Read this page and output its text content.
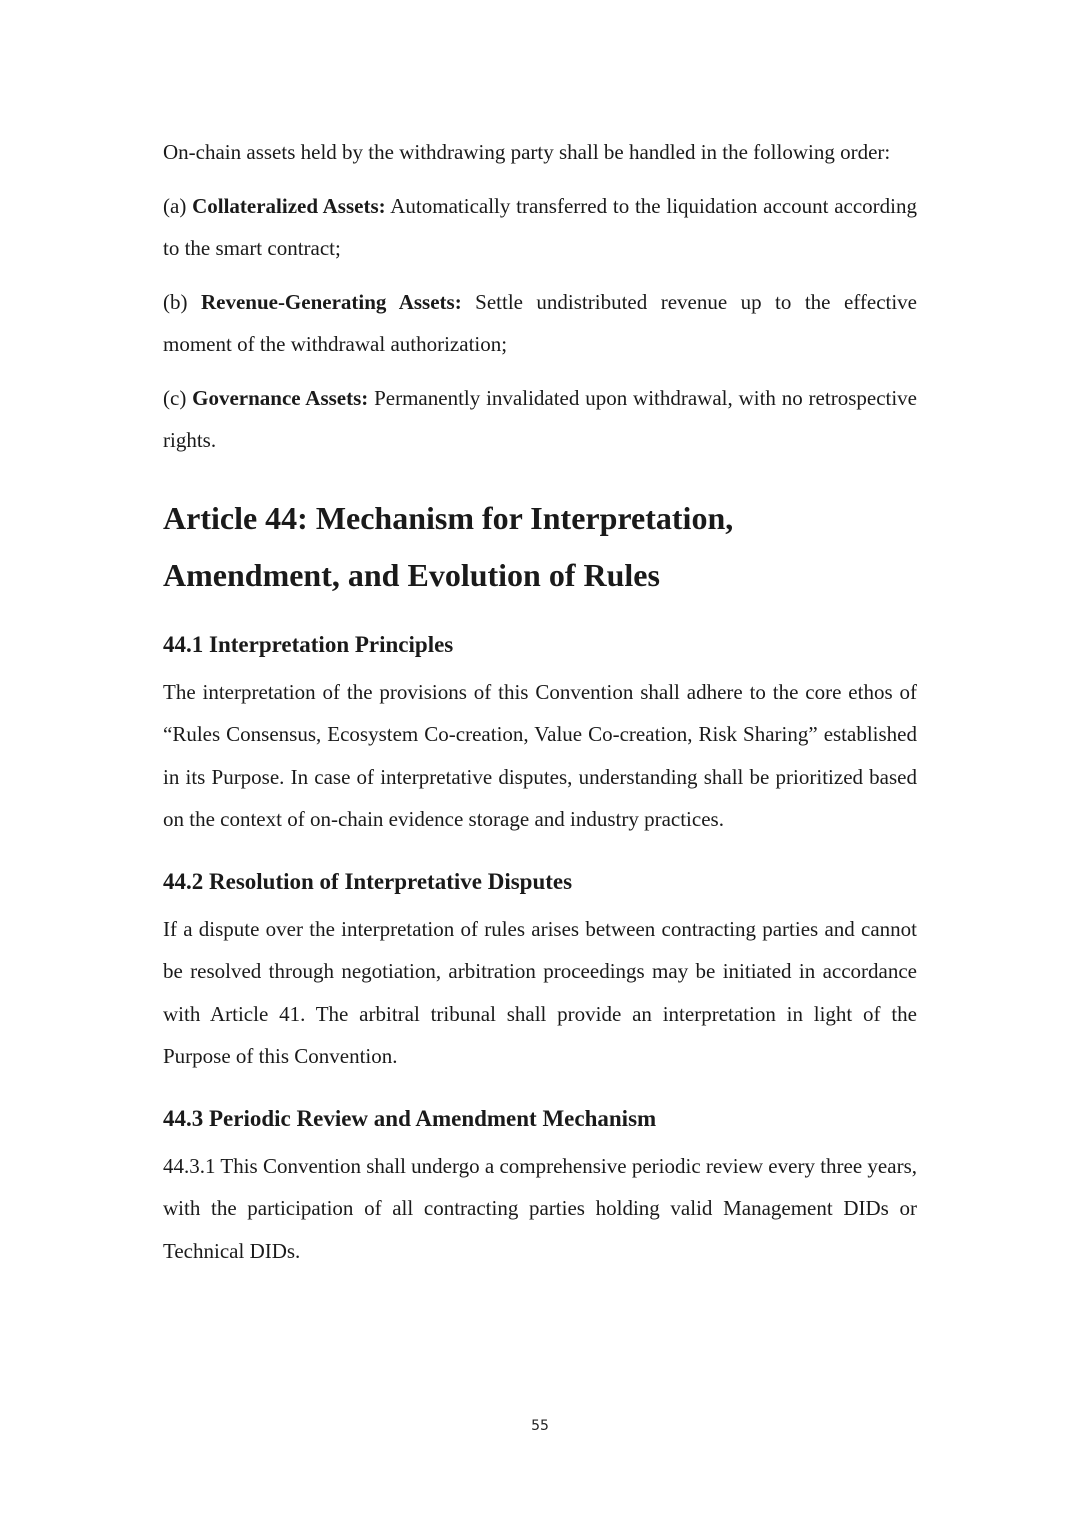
On-chain assets held by the withdrawing party shall be handled in the following order:

(a) Collateralized Assets: Automatically transferred to the liquidation account according to the smart contract;

(b) Revenue-Generating Assets: Settle undistributed revenue up to the effective moment of the withdrawal authorization;

(c) Governance Assets: Permanently invalidated upon withdrawal, with no retrospective rights.

Article 44: Mechanism for Interpretation,
Amendment, and Evolution of Rules
44.1 Interpretation Principles

The interpretation of the provisions of this Convention shall adhere to the core ethos of “Rules Consensus, Ecosystem Co-creation, Value Co-creation, Risk Sharing” established in its Purpose. In case of interpretative disputes, understanding shall be prioritized based on the context of on-chain evidence storage and industry practices.

44.2 Resolution of Interpretative Disputes

If a dispute over the interpretation of rules arises between contracting parties and cannot be resolved through negotiation, arbitration proceedings may be initiated in accordance with Article 41. The arbitral tribunal shall provide an interpretation in light of the Purpose of this Convention.

44.3 Periodic Review and Amendment Mechanism

44.3.1 This Convention shall undergo a comprehensive periodic review every three years, with the participation of all contracting parties holding valid Management DIDs or Technical DIDs.

55
